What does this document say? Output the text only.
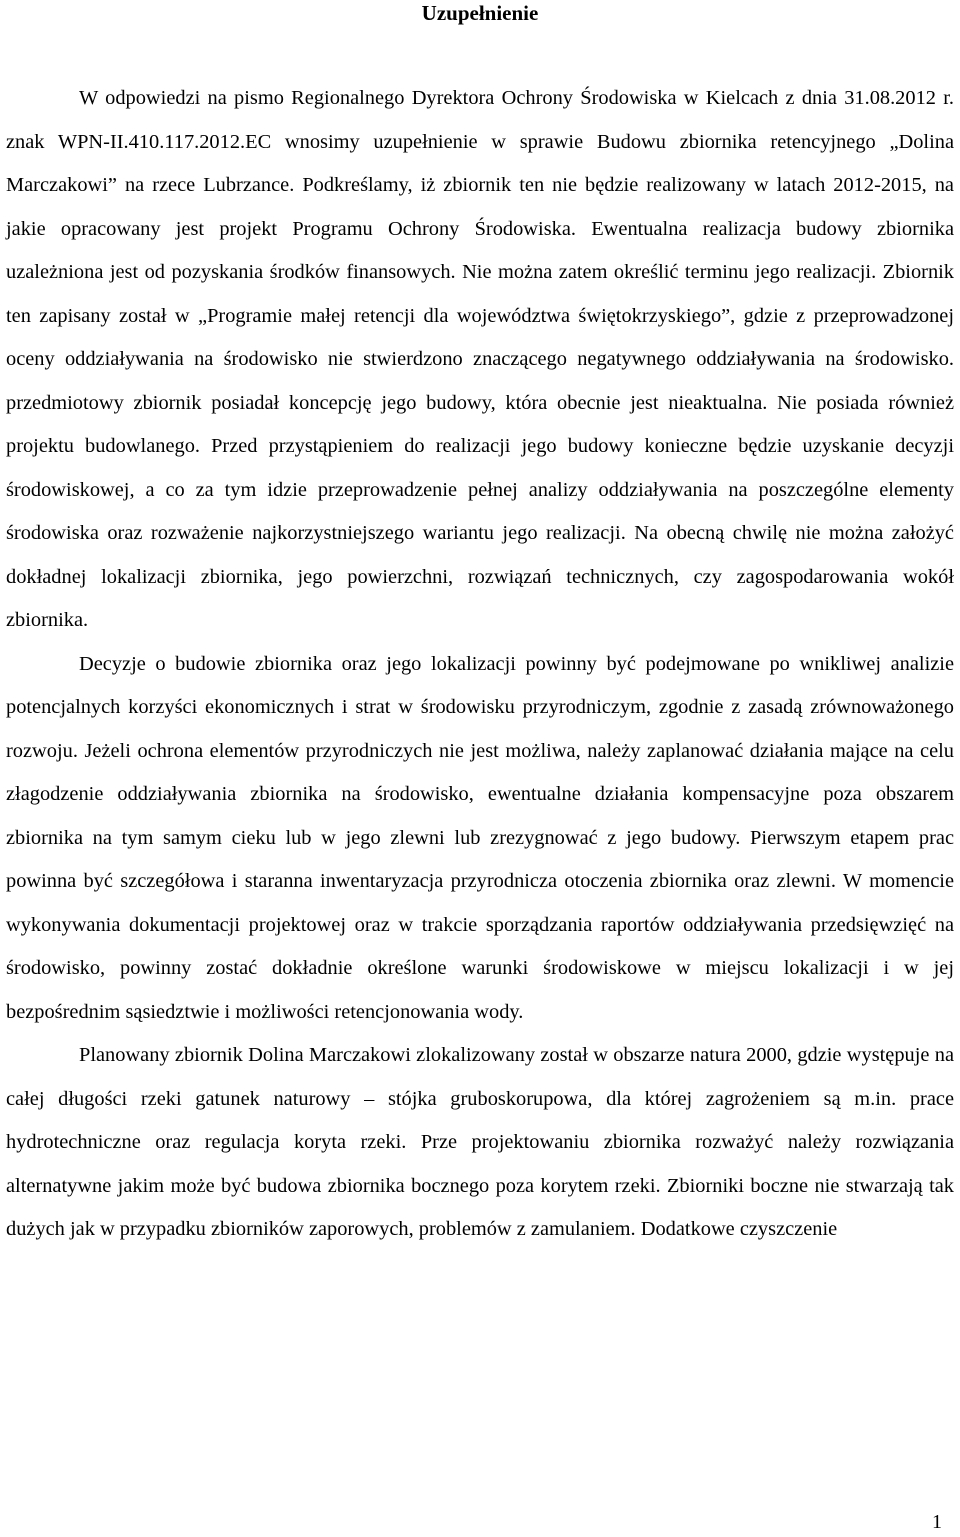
Uzupełnienie

W odpowiedzi na pismo Regionalnego Dyrektora Ochrony Środowiska w Kielcach z dnia 31.08.2012 r. znak WPN-II.410.117.2012.EC wnosimy uzupełnienie w sprawie Budowu zbiornika retencyjnego „Dolina Marczakowi” na rzece Lubrzance. Podkreślamy, iż zbiornik ten nie będzie realizowany w latach 2012-2015, na jakie opracowany jest projekt Programu Ochrony Środowiska. Ewentualna realizacja budowy zbiornika uzależniona jest od pozyskania środków finansowych. Nie można zatem określić terminu jego realizacji. Zbiornik ten zapisany został w „Programie małej retencji dla województwa świętokrzyskiego”, gdzie z przeprowadzonej oceny oddziaływania na środowisko nie stwierdzono znaczącego negatywnego oddziaływania na środowisko. przedmiotowy zbiornik posiadał koncepcję jego budowy, która obecnie jest nieaktualna. Nie posiada również projektu budowlanego. Przed przystąpieniem do realizacji jego budowy konieczne będzie uzyskanie decyzji środowiskowej, a co za tym idzie przeprowadzenie pełnej analizy oddziaływania na poszczególne elementy środowiska oraz rozważenie najkorzystniejszego wariantu jego realizacji. Na obecną chwilę nie można założyć dokładnej lokalizacji zbiornika, jego powierzchni, rozwiązań technicznych, czy zagospodarowania wokół zbiornika.

Decyzje o budowie zbiornika oraz jego lokalizacji powinny być podejmowane po wnikliwej analizie potencjalnych korzyści ekonomicznych i strat w środowisku przyrodniczym, zgodnie z zasadą zrównoważonego rozwoju. Jeżeli ochrona elementów przyrodniczych nie jest możliwa, należy zaplanować działania mające na celu złagodzenie oddziaływania zbiornika na środowisko, ewentualne działania kompensacyjne poza obszarem zbiornika na tym samym cieku lub w jego zlewni lub zrezygnować z jego budowy. Pierwszym etapem prac powinna być szczegółowa i staranna inwentaryzacja przyrodnicza otoczenia zbiornika oraz zlewni. W momencie wykonywania dokumentacji projektowej oraz w trakcie sporządzania raportów oddziaływania przedsięwzięć na środowisko, powinny zostać dokładnie określone warunki środowiskowe w miejscu lokalizacji i w jej bezpośrednim sąsiedztwie i możliwości retencjonowania wody.

Planowany zbiornik Dolina Marczakowi zlokalizowany został w obszarze natura 2000, gdzie występuje na całej długości rzeki gatunek naturowy – stójka gruboskorupowa, dla której zagrożeniem są m.in. prace hydrotechniczne oraz regulacja koryta rzeki. Prze projektowaniu zbiornika rozważyć należy rozwiązania alternatywne jakim może być budowa zbiornika bocznego poza korytem rzeki. Zbiorniki boczne nie stwarzają tak dużych jak w przypadku zbiorników zaporowych, problemów z zamulaniem. Dodatkowe czyszczenie

1
